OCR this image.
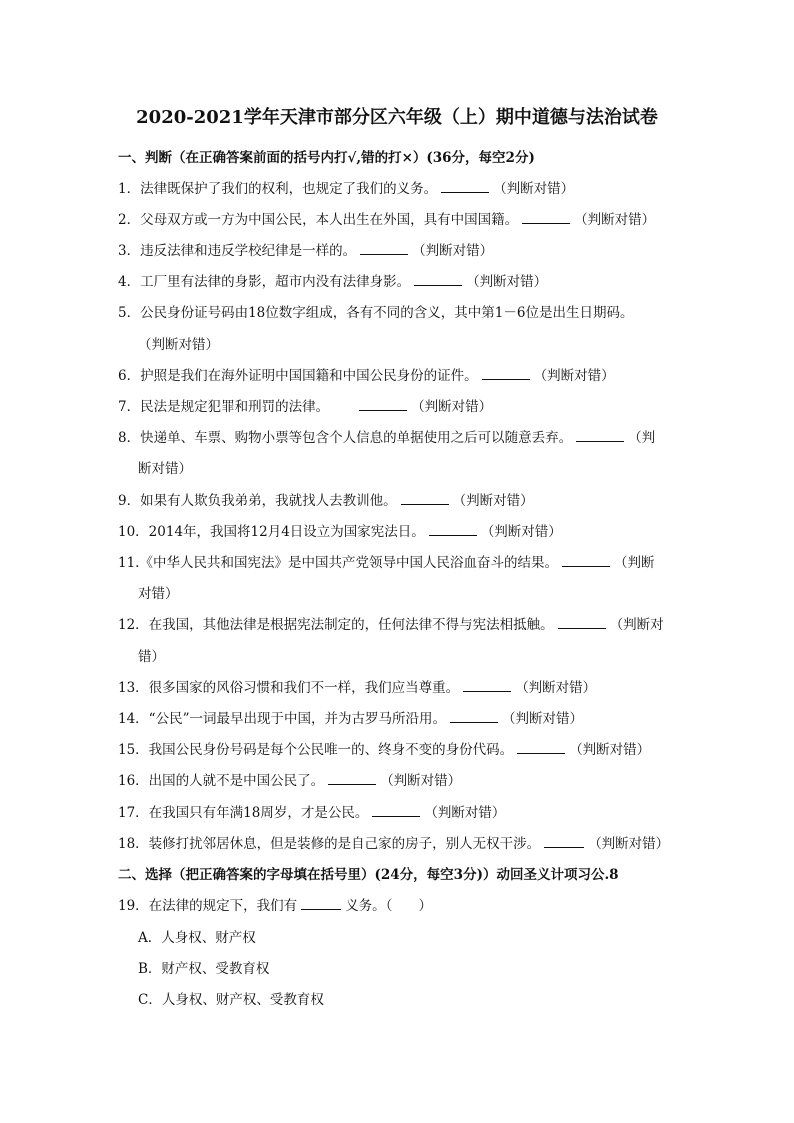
2020-2021学年天津市部分区六年级（上）期中道德与法治试卷
一、判断（在正确答案前面的括号内打√,错的打×）(36分，每空2分)
1．法律既保护了我们的权利，也规定了我们的义务。	（判断对错）
2．父母双方或一方为中国公民，本人出生在外国，具有中国国籍。	（判断对错）
3．违反法律和违反学校纪律是一样的。	（判断对错）
4．工厂里有法律的身影，超市内没有法律身影。	（判断对错）
5．公民身份证号码由18位数字组成，各有不同的含义，其中第1－6位是出生日期码。
（判断对错）
6．护照是我们在海外证明中国国籍和中国公民身份的证件。	（判断对错）
7．民法是规定犯罪和刑罚的法律。	（判断对错）
8．快递单、车票、购物小票等包含个人信息的单据使用之后可以随意丢弃。	（判
断对错）
9．如果有人欺负我弟弟，我就找人去教训他。	（判断对错）
10．2014年，我国将12月4日设立为国家宪法日。	（判断对错）
11.《中华人民共和国宪法》是中国共产党领导中国人民浴血奋斗的结果。	（判断
对错）
12．在我国，其他法律是根据宪法制定的，任何法律不得与宪法相抵触。	（判断对
错）
13．很多国家的风俗习惯和我们不一样，我们应当尊重。	（判断对错）
14．“公民”一词最早出现于中国，并为古罗马所沿用。	（判断对错）
15．我国公民身份号码是每个公民唯一的、终身不变的身份代码。	（判断对错）
16．出国的人就不是中国公民了。	（判断对错）
17．在我国只有年满18周岁，才是公民。	（判断对错）
18．装修打扰邻居休息，但是装修的是自己家的房子，别人无权干涉。	（判断对错）
二、选择（把正确答案的字母填在括号里）(24分，每空3分)）动回圣义计项习公.8
19．在法律的规定下，我们有	义务。（ ）
A．人身权、财产权
B．财产权、受教育权
C．人身权、财产权、受教育权
